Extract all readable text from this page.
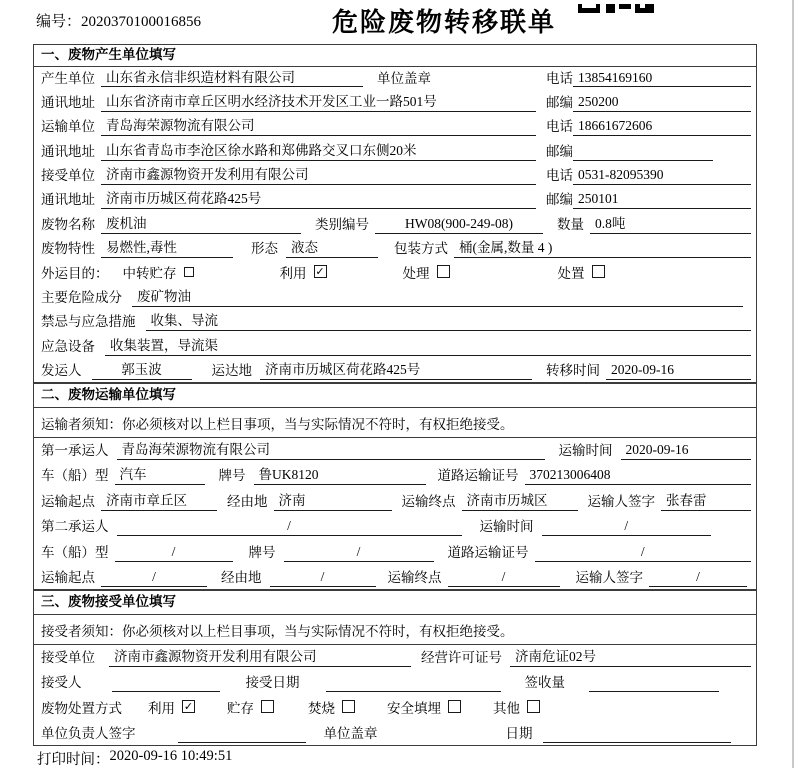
编号：2020370100016856	危险废物转移联单
一、废物产生单位填写
产生单位 山东省永信非织造材料有限公司	单位盖章	电话 13854169160
通讯地址 山东省济南市章丘区明水经济技术开发区工业一路501号	邮编 250200
运输单位 青岛海荣源物流有限公司	电话 18661672606
通讯地址 山东省青岛市李沧区徐水路和郑佛路交叉口东侧20米	邮编
接受单位 济南市鑫源物资开发利用有限公司	电话 0531-82095390
通讯地址 济南市历城区荷花路425号	邮编 250101
废物名称 废机油	类别编号	HW08(900-249-08)	数量 0.8吨
废物特性 易燃性,毒性	形态 液态	包装方式 桶(金属,数量 4 )
外运目的： 中转贮存	利用 ✓	处理	处置
主要危险成分	废矿物油
禁忌与应急措施	收集、导流
应急设备	收集装置，导流渠
发运人	郭玉波	运达地 济南市历城区荷花路425号	转移时间 2020-09-16
二、废物运输单位填写
运输者须知：你必须核对以上栏目事项，当与实际情况不符时，有权拒绝接受。
第一承运人 青岛海荣源物流有限公司	运输时间 2020-09-16
车（船）型 汽车	牌号 鲁UK8120	道路运输证号 370213006408
运输起点 济南市章丘区	经由地 济南	运输终点 济南市历城区	运输人签字 张春雷
第二承运人	/	运输时间	/
车（船）型	/	牌号	/	道路运输证号	/
运输起点	/	经由地	/	运输终点	/	运输人签字	/
三、废物接受单位填写
接受者须知：你必须核对以上栏目事项，当与实际情况不符时，有权拒绝接受。
接受单位	济南市鑫源物资开发利用有限公司	经营许可证号 济南危证02号
接受人	接受日期	签收量
废物处置方式 利用 ✓	贮存	焚烧	安全填埋	其他
单位负责人签字	单位盖章	日期
打印时间： 2020-09-16 10:49:51
